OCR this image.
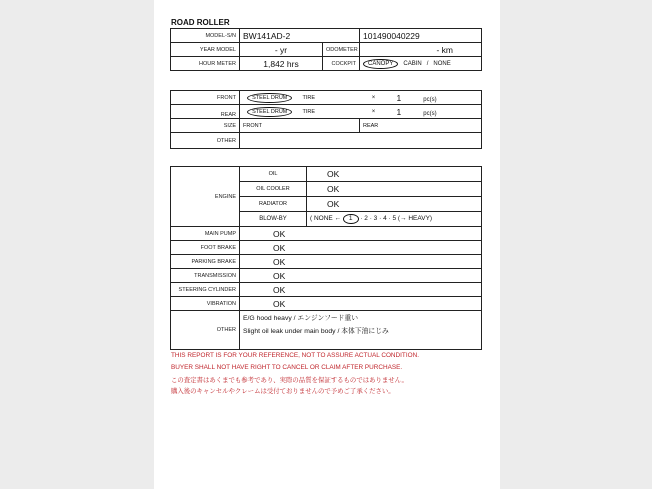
ROAD ROLLER
MODEL-S/N	BW141AD-2		101490040229
YEAR MODEL	- yr	ODOMETER	- km
HOUR METER	1,842 hrs	COCKPIT	CANOPY CABIN / NONE
FRONT	STEEL DRUM	TIRE	×	1 pc(s)
REAR	STEEL DRUM	TIRE	×	1 pc(s)
SIZE	FRONT		REAR	
OTHER				
ENGINE	OIL	OK
	OIL COOLER	OK
	RADIATOR	OK
	BLOW-BY	( NONE ← 1 · 2 · 3 · 4 · 5 (→ HEAVY)
MAIN PUMP	OK	
FOOT BRAKE	OK	
PARKING BRAKE	OK	
TRANSMISSION	OK	
STEERING CYLINDER	OK	
VIBRATION	OK	
OTHER	E/G hood heavy / エンジンフード重い
Slight oil leak under main body / 本体下油にじみ	
THIS REPORT IS FOR YOUR REFERENCE, NOT TO ASSURE ACTUAL CONDITION.
BUYER SHALL NOT HAVE RIGHT TO CANCEL OR CLAIM AFTER PURCHASE.
この査定書はあくまでも参考であり、実際の品質を保証するものではありません。
購入後のキャンセルやクレームは受付ておりませんので予めご了承ください。
